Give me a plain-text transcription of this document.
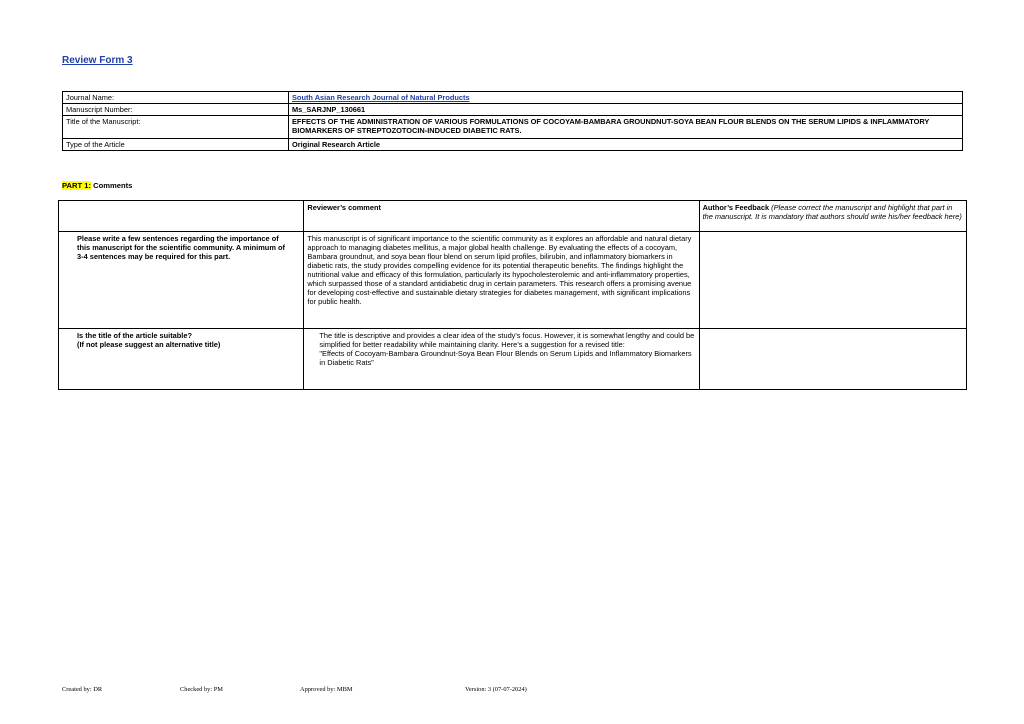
Review Form 3
Journal Name:	South Asian Research Journal of Natural Products
Manuscript Number:	Ms_SARJNP_130661
Title of the Manuscript:	EFFECTS OF THE ADMINISTRATION OF VARIOUS FORMULATIONS OF COCOYAM-BAMBARA GROUNDNUT-SOYA BEAN FLOUR BLENDS ON THE SERUM LIPIDS & INFLAMMATORY BIOMARKERS OF STREPTOZOTOCIN-INDUCED DIABETIC RATS.
Type of the Article	Original Research Article
PART 1: Comments
	Reviewer’s comment	Author’s Feedback (Please correct the manuscript and highlight that part in the manuscript. It is mandatory that authors should write his/her feedback here)
Please write a few sentences regarding the importance of this manuscript for the scientific community. A minimum of 3-4 sentences may be required for this part.	This manuscript is of significant importance to the scientific community as it explores an affordable and natural dietary approach to managing diabetes mellitus, a major global health challenge. By evaluating the effects of a cocoyam, Bambara groundnut, and soya bean flour blend on serum lipid profiles, bilirubin, and inflammatory biomarkers in diabetic rats, the study provides compelling evidence for its potential therapeutic benefits. The findings highlight the nutritional value and efficacy of this formulation, particularly its hypocholesterolemic and anti-inflammatory properties, which surpassed those of a standard antidiabetic drug in certain parameters. This research offers a promising avenue for developing cost-effective and sustainable dietary strategies for diabetes management, with significant implications for public health.	
Is the title of the article suitable?
(If not please suggest an alternative title)	The title is descriptive and provides a clear idea of the study's focus. However, it is somewhat lengthy and could be simplified for better readability while maintaining clarity. Here’s a suggestion for a revised title:
"Effects of Cocoyam-Bambara Groundnut-Soya Bean Flour Blends on Serum Lipids and Inflammatory Biomarkers in Diabetic Rats"	
Created by: DR	Checked by: PM	Approved by: MBM	Version: 3 (07-07-2024)
